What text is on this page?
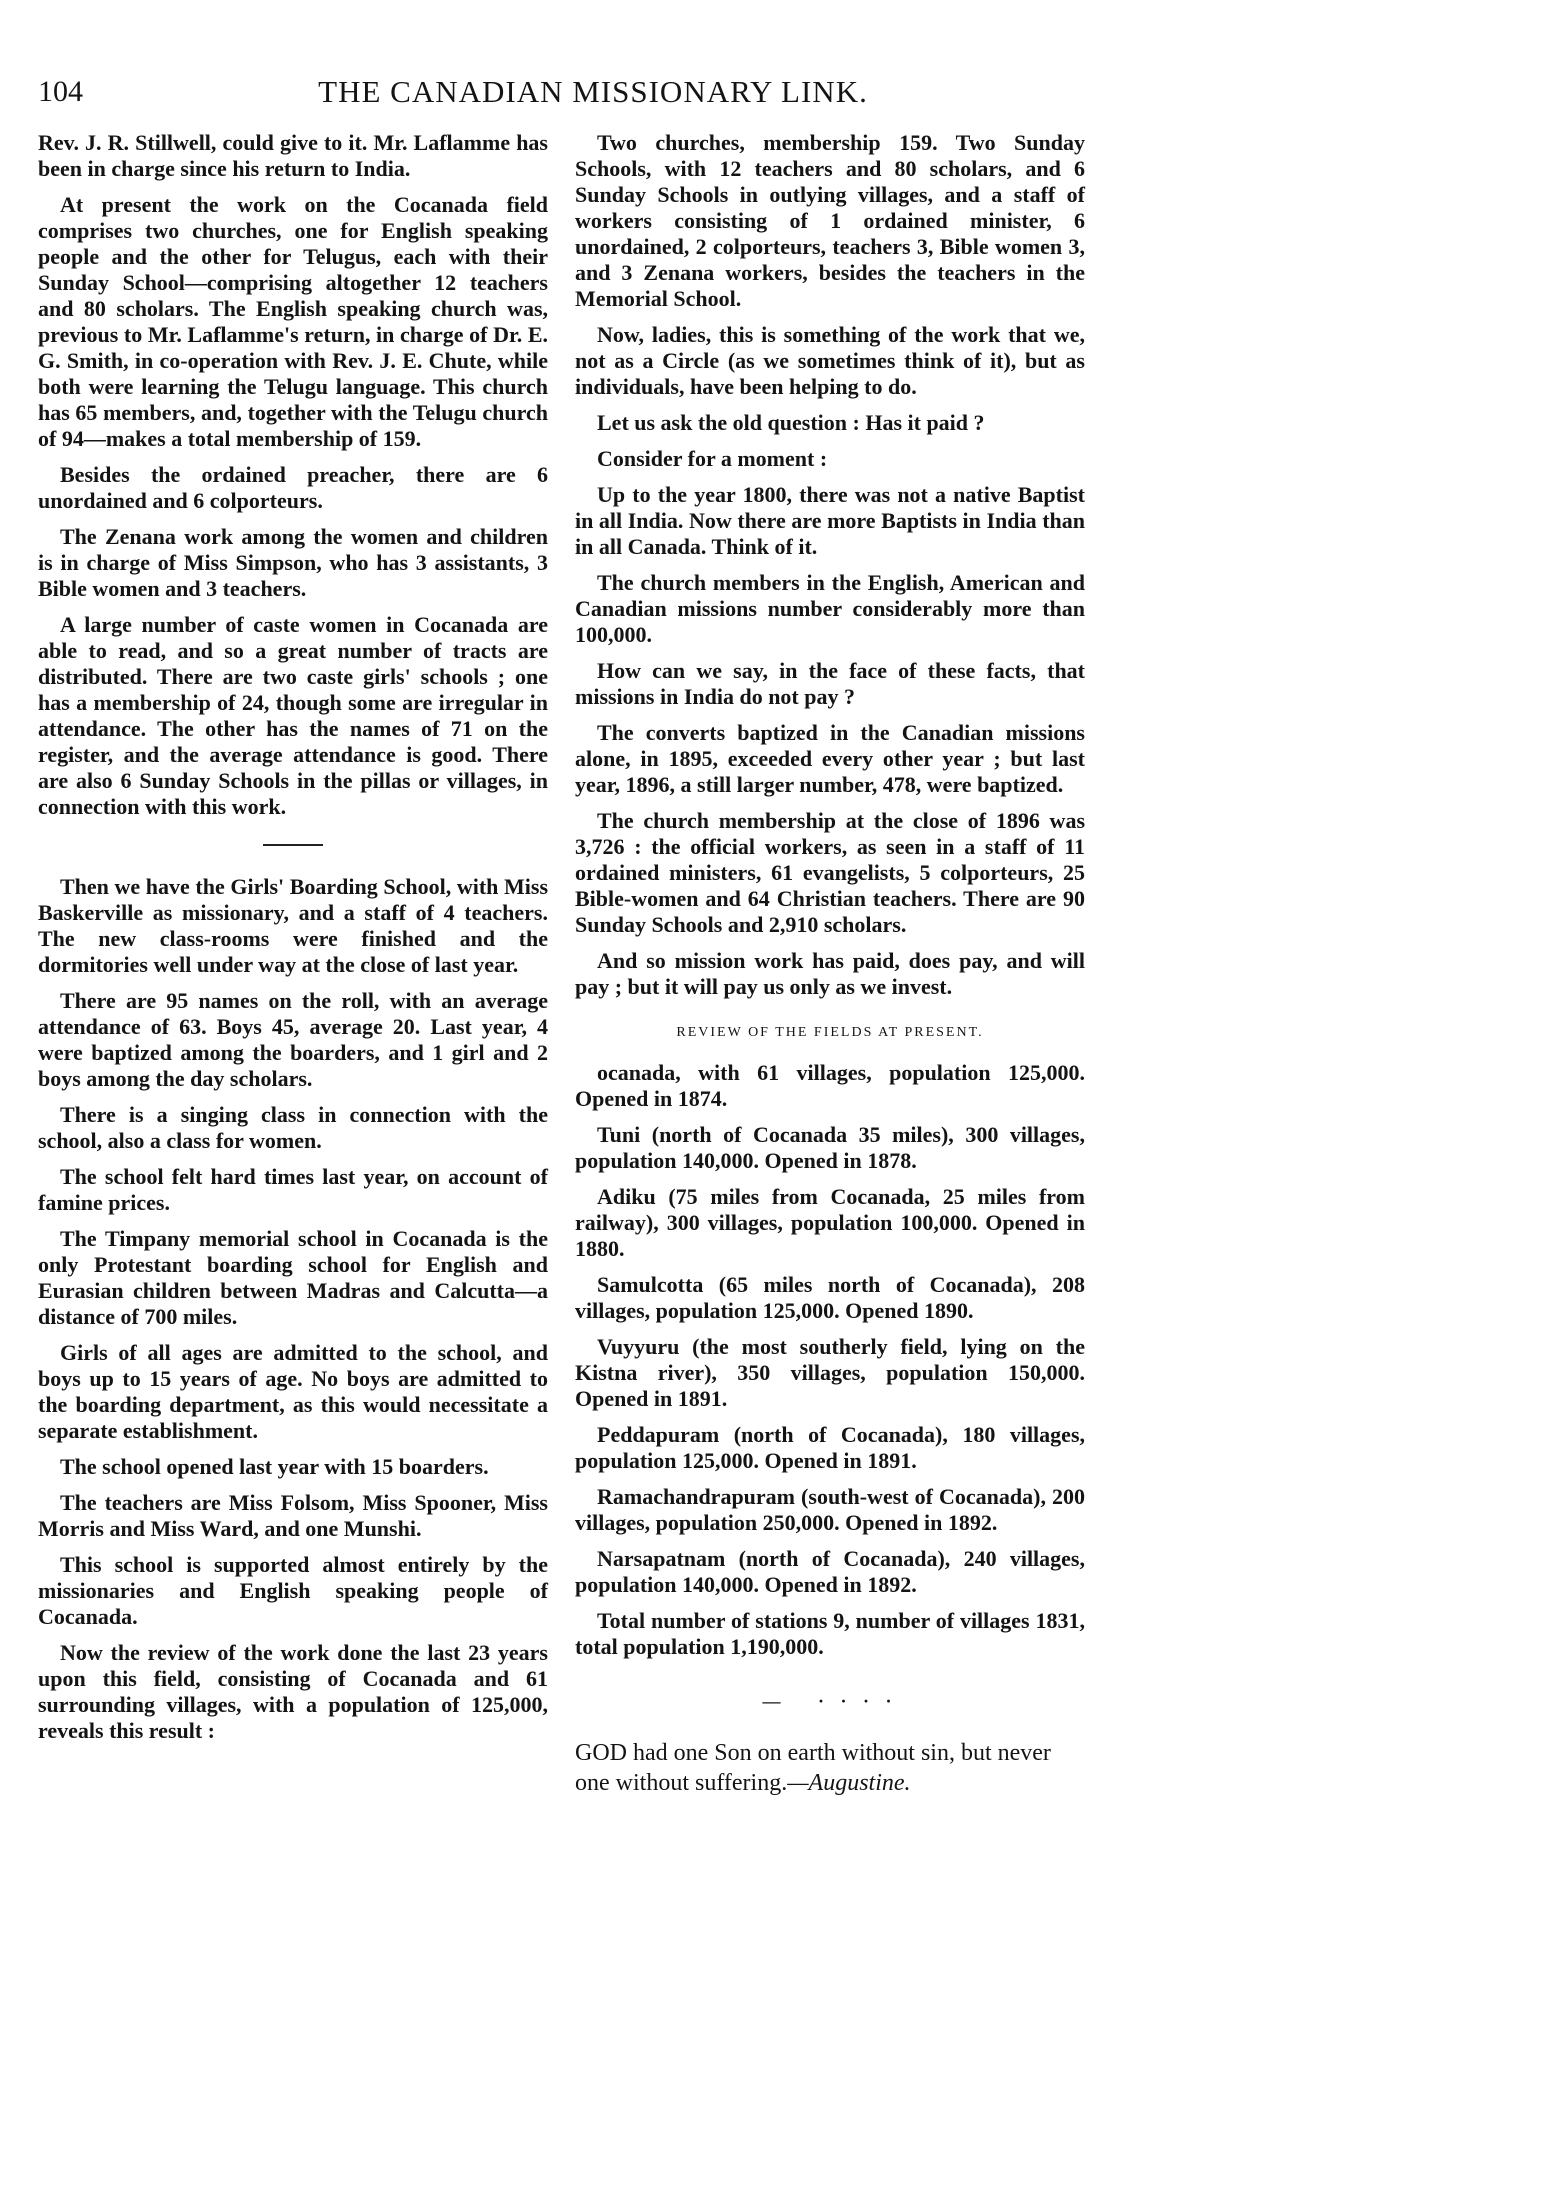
104	THE CANADIAN MISSIONARY LINK.

Rev. J. R. Stillwell, could give to it. Mr. Laflamme has been in charge since his return to India.

At present the work on the Cocanada field comprises two churches, one for English speaking people and the other for Telugus, each with their Sunday School—comprising altogether 12 teachers and 80 scholars. The English speaking church was, previous to Mr. Laflamme's return, in charge of Dr. E. G. Smith, in co-operation with Rev. J. E. Chute, while both were learning the Telugu language. This church has 65 members, and, together with the Telugu church of 94—makes a total membership of 159.

Besides the ordained preacher, there are 6 unordained and 6 colporteurs.

The Zenana work among the women and children is in charge of Miss Simpson, who has 3 assistants, 3 Bible women and 3 teachers.

A large number of caste women in Cocanada are able to read, and so a great number of tracts are distributed. There are two caste girls' schools ; one has a membership of 24, though some are irregular in attendance. The other has the names of 71 on the register, and the average attendance is good. There are also 6 Sunday Schools in the pillas or villages, in connection with this work.

Then we have the Girls' Boarding School, with Miss Baskerville as missionary, and a staff of 4 teachers. The new class-rooms were finished and the dormitories well under way at the close of last year.

There are 95 names on the roll, with an average attendance of 63. Boys 45, average 20. Last year, 4 were baptized among the boarders, and 1 girl and 2 boys among the day scholars.

There is a singing class in connection with the school, also a class for women.

The school felt hard times last year, on account of famine prices.

The Timpany memorial school in Cocanada is the only Protestant boarding school for English and Eurasian children between Madras and Calcutta—a distance of 700 miles.

Girls of all ages are admitted to the school, and boys up to 15 years of age. No boys are admitted to the boarding department, as this would necessitate a separate establishment.

The school opened last year with 15 boarders.

The teachers are Miss Folsom, Miss Spooner, Miss Morris and Miss Ward, and one Munshi.

This school is supported almost entirely by the missionaries and English speaking people of Cocanada.

Now the review of the work done the last 23 years upon this field, consisting of Cocanada and 61 surrounding villages, with a population of 125,000, reveals this result :

Two churches, membership 159. Two Sunday Schools, with 12 teachers and 80 scholars, and 6 Sunday Schools in outlying villages, and a staff of workers consisting of 1 ordained minister, 6 unordained, 2 colporteurs, teachers 3, Bible women 3, and 3 Zenana workers, besides the teachers in the Memorial School.

Now, ladies, this is something of the work that we, not as a Circle (as we sometimes think of it), but as individuals, have been helping to do.

Let us ask the old question : Has it paid ?

Consider for a moment :

Up to the year 1800, there was not a native Baptist in all India. Now there are more Baptists in India than in all Canada. Think of it.

The church members in the English, American and Canadian missions number considerably more than 100,000.

How can we say, in the face of these facts, that missions in India do not pay ?

The converts baptized in the Canadian missions alone, in 1895, exceeded every other year ; but last year, 1896, a still larger number, 478, were baptized.

The church membership at the close of 1896 was 3,726 : the official workers, as seen in a staff of 11 ordained ministers, 61 evangelists, 5 colporteurs, 25 Bible-women and 64 Christian teachers. There are 90 Sunday Schools and 2,910 scholars.

And so mission work has paid, does pay, and will pay ; but it will pay us only as we invest.

REVIEW OF THE FIELDS AT PRESENT.

ocanada, with 61 villages, population 125,000. Opened in 1874.

Tuni (north of Cocanada 35 miles), 300 villages, population 140,000. Opened in 1878.

Adiku (75 miles from Cocanada, 25 miles from railway), 300 villages, population 100,000. Opened in 1880.

Samulcotta (65 miles north of Cocanada), 208 villages, population 125,000. Opened 1890.

Vuyyuru (the most southerly field, lying on the Kistna river), 350 villages, population 150,000. Opened in 1891.

Peddapuram (north of Cocanada), 180 villages, population 125,000. Opened in 1891.

Ramachandrapuram (south-west of Cocanada), 200 villages, population 250,000. Opened in 1892.

Narsapatnam (north of Cocanada), 240 villages, population 140,000. Opened in 1892.

Total number of stations 9, number of villages 1831, total population 1,190,000.

—   · · · ·
GOD had one Son on earth without sin, but never one without suffering.—Augustine.
